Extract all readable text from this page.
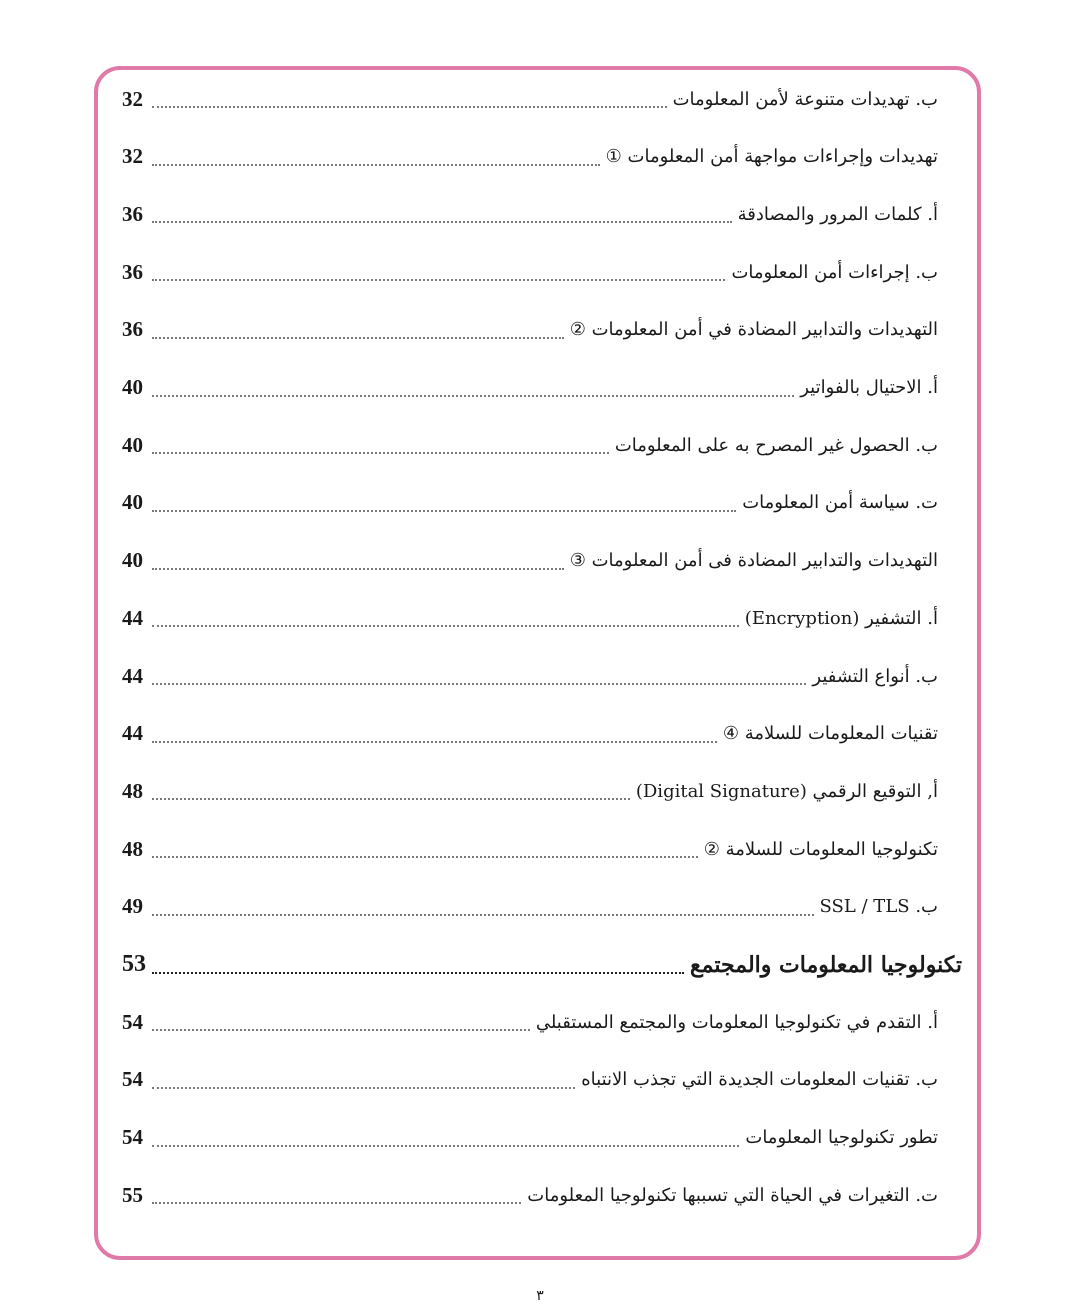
32	ب. تهديدات متنوعة لأمن المعلومات
32	تهديدات وإجراءات مواجهة أمن المعلومات ①
36	أ. كلمات المرور والمصادقة
36	ب. إجراءات أمن المعلومات
36	التهديدات والتدابير المضادة في أمن المعلومات ②
40	أ. الاحتيال بالفواتير
40	ب. الحصول غير المصرح به على المعلومات
40	ت. سياسة أمن المعلومات
40	التهديدات والتدابير المضادة فى أمن المعلومات ③
44	أ. التشفير (Encryption)
44	ب. أنواع التشفير
44	تقنيات المعلومات للسلامة ④
48	أ, التوقيع الرقمي (Digital Signature)
48	تكنولوجيا المعلومات للسلامة ②
49	ب. SSL / TLS
53	تكنولوجيا المعلومات والمجتمع
54	أ. التقدم في تكنولوجيا المعلومات والمجتمع المستقبلي
54	ب. تقنيات المعلومات الجديدة التي تجذب الانتباه
54	تطور تكنولوجيا المعلومات
55	ت. التغيرات في الحياة التي تسببها تكنولوجيا المعلومات
٣
